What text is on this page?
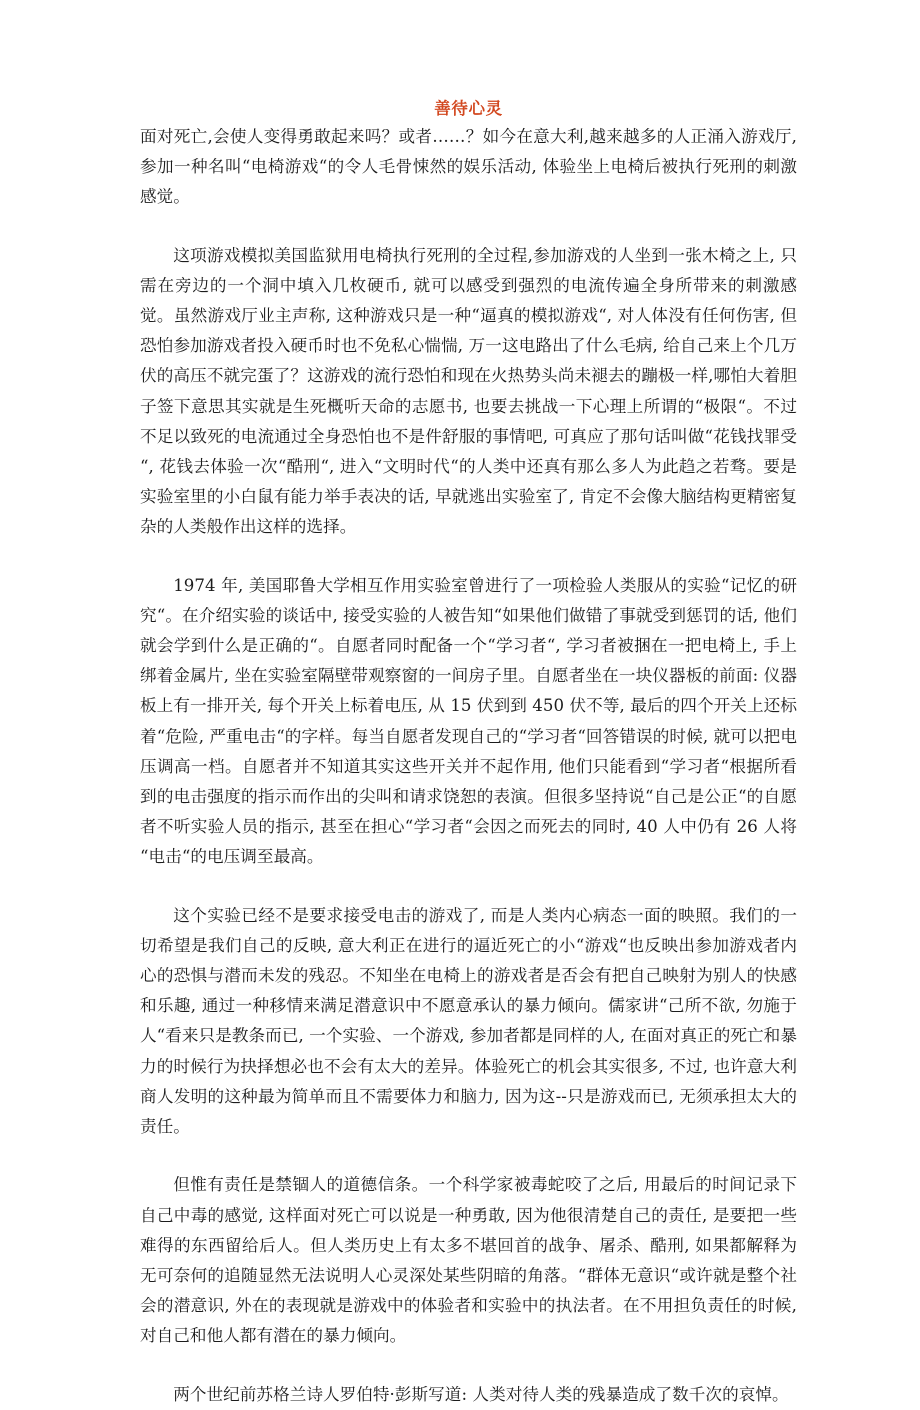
善待心灵

面对死亡,会使人变得勇敢起来吗？或者……？如今在意大利,越来越多的人正涌入游戏厅,参加一种名叫“电椅游戏“的令人毛骨悚然的娱乐活动, 体验坐上电椅后被执行死刑的刺激感觉。

这项游戏模拟美国监狱用电椅执行死刑的全过程,参加游戏的人坐到一张木椅之上, 只需在旁边的一个洞中填入几枚硬币, 就可以感受到强烈的电流传遍全身所带来的刺激感觉。虽然游戏厅业主声称, 这种游戏只是一种“逼真的模拟游戏“, 对人体没有任何伤害, 但恐怕参加游戏者投入硬币时也不免私心惴惴, 万一这电路出了什么毛病, 给自己来上个几万伏的高压不就完蛋了？这游戏的流行恐怕和现在火热势头尚未褪去的蹦极一样,哪怕大着胆子签下意思其实就是生死概听天命的志愿书, 也要去挑战一下心理上所谓的“极限“。不过不足以致死的电流通过全身恐怕也不是件舒服的事情吧, 可真应了那句话叫做“花钱找罪受“, 花钱去体验一次“酷刑“, 进入“文明时代“的人类中还真有那么多人为此趋之若骛。要是实验室里的小白鼠有能力举手表决的话, 早就逃出实验室了, 肯定不会像大脑结构更精密复杂的人类般作出这样的选择。

1974 年, 美国耶鲁大学相互作用实验室曾进行了一项检验人类服从的实验“记忆的研究“。在介绍实验的谈话中, 接受实验的人被告知“如果他们做错了事就受到惩罚的话, 他们就会学到什么是正确的“。自愿者同时配备一个“学习者“, 学习者被捆在一把电椅上, 手上绑着金属片, 坐在实验室隔壁带观察窗的一间房子里。自愿者坐在一块仪器板的前面: 仪器板上有一排开关, 每个开关上标着电压, 从 15 伏到到 450 伏不等, 最后的四个开关上还标着“危险, 严重电击“的字样。每当自愿者发现自己的“学习者“回答错误的时候, 就可以把电压调高一档。自愿者并不知道其实这些开关并不起作用, 他们只能看到“学习者“根据所看到的电击强度的指示而作出的尖叫和请求饶恕的表演。但很多坚持说“自己是公正“的自愿者不听实验人员的指示, 甚至在担心“学习者“会因之而死去的同时, 40 人中仍有 26 人将“电击“的电压调至最高。

这个实验已经不是要求接受电击的游戏了, 而是人类内心病态一面的映照。我们的一切希望是我们自己的反映, 意大利正在进行的逼近死亡的小“游戏“也反映出参加游戏者内心的恐惧与潜而未发的残忍。不知坐在电椅上的游戏者是否会有把自己映射为别人的快感和乐趣, 通过一种移情来满足潜意识中不愿意承认的暴力倾向。儒家讲“己所不欲, 勿施于人“看来只是教条而已, 一个实验、一个游戏, 参加者都是同样的人, 在面对真正的死亡和暴力的时候行为抉择想必也不会有太大的差异。体验死亡的机会其实很多, 不过, 也许意大利商人发明的这种最为简单而且不需要体力和脑力, 因为这--只是游戏而已, 无须承担太大的责任。

但惟有责任是禁锢人的道德信条。一个科学家被毒蛇咬了之后, 用最后的时间记录下自己中毒的感觉, 这样面对死亡可以说是一种勇敢, 因为他很清楚自己的责任, 是要把一些难得的东西留给后人。但人类历史上有太多不堪回首的战争、屠杀、酷刑, 如果都解释为无可奈何的追随显然无法说明人心灵深处某些阴暗的角落。“群体无意识“或许就是整个社会的潜意识, 外在的表现就是游戏中的体验者和实验中的执法者。在不用担负责任的时候, 对自己和他人都有潜在的暴力倾向。

两个世纪前苏格兰诗人罗伯特·彭斯写道: 人类对待人类的残暴造成了数千次的哀悼。
